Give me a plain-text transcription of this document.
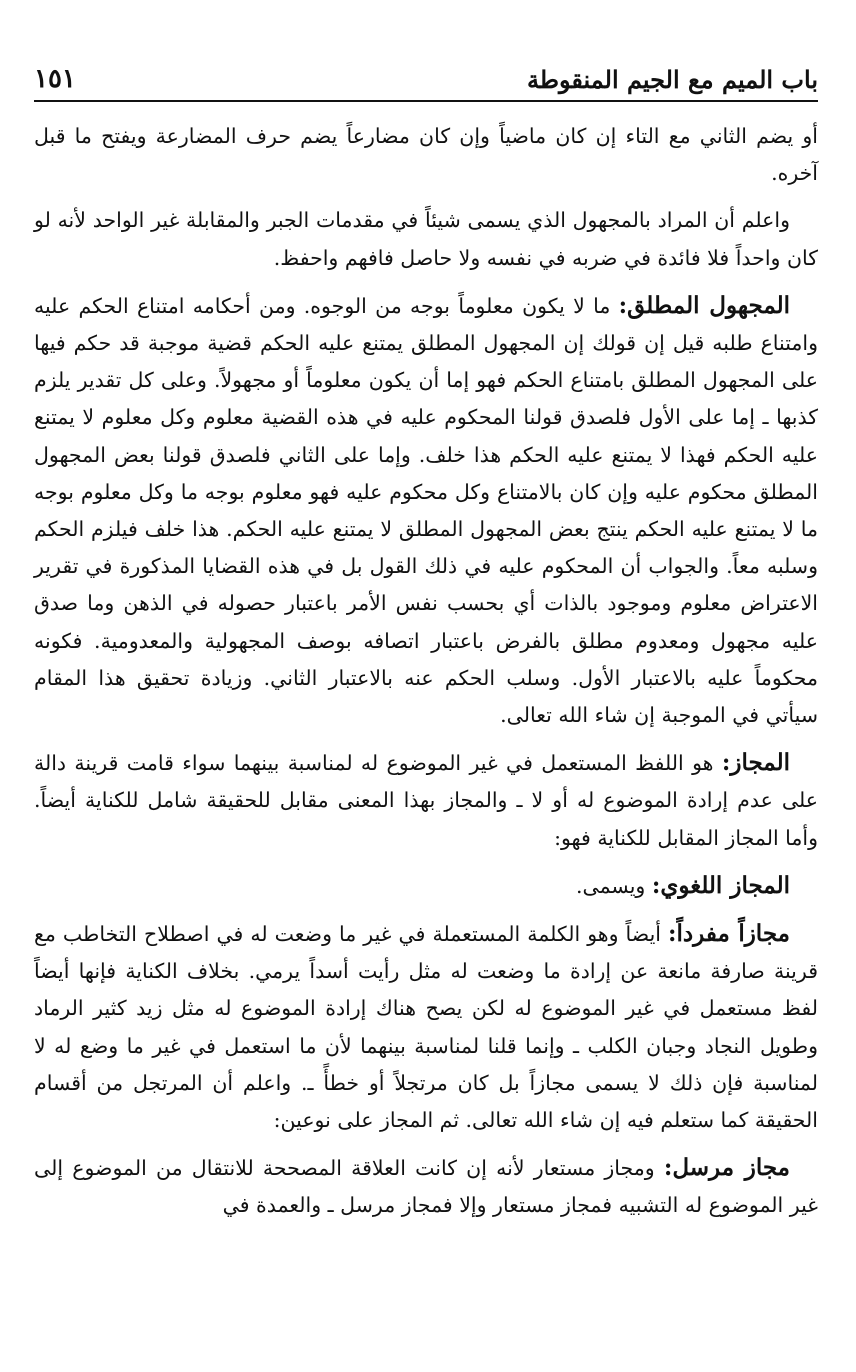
باب الميم مع الجيم المنقوطة
١٥١

أو يضم الثاني مع التاء إن كان ماضياً وإن كان مضارعاً يضم حرف المضارعة ويفتح ما قبل آخره.

واعلم أن المراد بالمجهول الذي يسمى شيئاً في مقدمات الجبر والمقابلة غير الواحد لأنه لو كان واحداً فلا فائدة في ضربه في نفسه ولا حاصل فافهم واحفظ.

المجهول المطلق: ما لا يكون معلوماً بوجه من الوجوه. ومن أحكامه امتناع الحكم عليه وامتناع طلبه قيل إن قولك إن المجهول المطلق يمتنع عليه الحكم قضية موجبة قد حكم فيها على المجهول المطلق بامتناع الحكم فهو إما أن يكون معلوماً أو مجهولاً. وعلى كل تقدير يلزم كذبها ـ إما على الأول فلصدق قولنا المحكوم عليه في هذه القضية معلوم وكل معلوم لا يمتنع عليه الحكم فهذا لا يمتنع عليه الحكم هذا خلف. وإما على الثاني فلصدق قولنا بعض المجهول المطلق محكوم عليه وإن كان بالامتناع وكل محكوم عليه فهو معلوم بوجه ما وكل معلوم بوجه ما لا يمتنع عليه الحكم ينتج بعض المجهول المطلق لا يمتنع عليه الحكم. هذا خلف فيلزم الحكم وسلبه معاً. والجواب أن المحكوم عليه في ذلك القول بل في هذه القضايا المذكورة في تقرير الاعتراض معلوم وموجود بالذات أي بحسب نفس الأمر باعتبار حصوله في الذهن وما صدق عليه مجهول ومعدوم مطلق بالفرض باعتبار اتصافه بوصف المجهولية والمعدومية. فكونه محكوماً عليه بالاعتبار الأول. وسلب الحكم عنه بالاعتبار الثاني. وزيادة تحقيق هذا المقام سيأتي في الموجبة إن شاء الله تعالى.

المجاز: هو اللفظ المستعمل في غير الموضوع له لمناسبة بينهما سواء قامت قرينة دالة على عدم إرادة الموضوع له أو لا ـ والمجاز بهذا المعنى مقابل للحقيقة شامل للكناية أيضاً. وأما المجاز المقابل للكناية فهو:

المجاز اللغوي: ويسمى.

مجازاً مفرداً: أيضاً وهو الكلمة المستعملة في غير ما وضعت له في اصطلاح التخاطب مع قرينة صارفة مانعة عن إرادة ما وضعت له مثل رأيت أسداً يرمي. بخلاف الكناية فإنها أيضاً لفظ مستعمل في غير الموضوع له لكن يصح هناك إرادة الموضوع له مثل زيد كثير الرماد وطويل النجاد وجبان الكلب ـ وإنما قلنا لمناسبة بينهما لأن ما استعمل في غير ما وضع له لا لمناسبة فإن ذلك لا يسمى مجازاً بل كان مرتجلاً أو خطأً ـ. واعلم أن المرتجل من أقسام الحقيقة كما ستعلم فيه إن شاء الله تعالى. ثم المجاز على نوعين:

مجاز مرسل: ومجاز مستعار لأنه إن كانت العلاقة المصححة للانتقال من الموضوع إلى غير الموضوع له التشبيه فمجاز مستعار وإلا فمجاز مرسل ـ والعمدة في
